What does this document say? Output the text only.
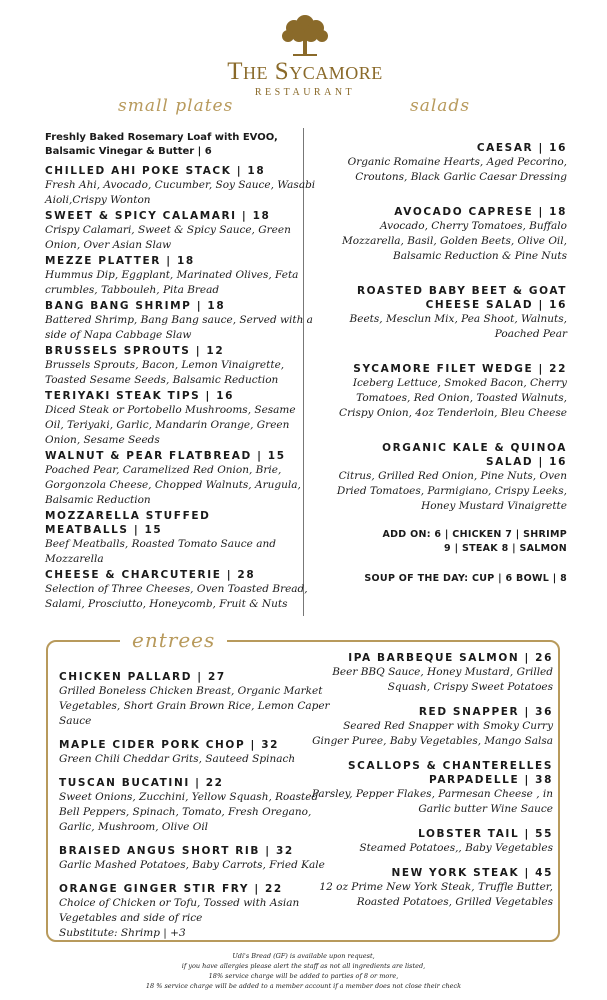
The Sycamore
RESTAURANT
small plates	salads

Freshly Baked Rosemary Loaf with EVOO, Balsamic Vinegar & Butter | 6

CHILLED AHI POKE STACK | 18

Fresh Ahi, Avocado, Cucumber, Soy Sauce, Wasabi Aioli,Crispy Wonton

SWEET & SPICY CALAMARI | 18

Crispy Calamari, Sweet & Spicy Sauce, Green Onion, Over Asian Slaw

MEZZE PLATTER | 18

Hummus Dip, Eggplant, Marinated Olives, Feta crumbles, Tabbouleh, Pita Bread

BANG BANG SHRIMP | 18

Battered Shrimp, Bang Bang sauce, Served with a side of Napa Cabbage Slaw

BRUSSELS SPROUTS | 12

Brussels Sprouts, Bacon, Lemon Vinaigrette, Toasted Sesame Seeds, Balsamic Reduction

TERIYAKI STEAK TIPS | 16

Diced Steak or Portobello Mushrooms, Sesame Oil, Teriyaki, Garlic, Mandarin Orange, Green Onion, Sesame Seeds

WALNUT & PEAR FLATBREAD | 15

Poached Pear, Caramelized Red Onion, Brie, Gorgonzola Cheese, Chopped Walnuts, Arugula, Balsamic Reduction

MOZZARELLA STUFFED MEATBALLS | 15

Beef Meatballs, Roasted Tomato Sauce and Mozzarella

CHEESE & CHARCUTERIE | 28

Selection of Three Cheeses, Oven Toasted Bread, Salami, Prosciutto, Honeycomb, Fruit & Nuts

CAESAR | 16

Organic Romaine Hearts, Aged Pecorino, Croutons, Black Garlic Caesar Dressing

AVOCADO CAPRESE | 18

Avocado, Cherry Tomatoes, Buffalo Mozzarella, Basil, Golden Beets, Olive Oil, Balsamic Reduction & Pine Nuts

ROASTED BABY BEET & GOAT CHEESE SALAD | 16

Beets, Mesclun Mix, Pea Shoot, Walnuts, Poached Pear

SYCAMORE FILET WEDGE | 22

Iceberg Lettuce, Smoked Bacon, Cherry Tomatoes, Red Onion, Toasted Walnuts, Crispy Onion, 4oz Tenderloin, Bleu Cheese

ORGANIC KALE & QUINOA SALAD | 16

Citrus, Grilled Red Onion, Pine Nuts, Oven Dried Tomatoes, Parmigiano, Crispy Leeks, Honey Mustard Vinaigrette

ADD ON: 6 | CHICKEN 7 | SHRIMP

9 | STEAK 8 | SALMON

SOUP OF THE DAY: CUP | 6 BOWL | 8

entrees

CHICKEN PALLARD | 27

Grilled Boneless Chicken Breast, Organic Market Vegetables, Short Grain Brown Rice, Lemon Caper Sauce

MAPLE CIDER PORK CHOP | 32

Green Chili Cheddar Grits, Sauteed Spinach

TUSCAN BUCATINI | 22

Sweet Onions, Zucchini, Yellow Squash, Roasted Bell Peppers, Spinach, Tomato, Fresh Oregano, Garlic, Mushroom, Olive Oil

BRAISED ANGUS SHORT RIB | 32

Garlic Mashed Potatoes, Baby Carrots, Fried Kale

ORANGE GINGER STIR FRY | 22

Choice of Chicken or Tofu, Tossed with Asian Vegetables and side of rice

Substitute: Shrimp | +3

IPA BARBEQUE SALMON | 26

Beer BBQ Sauce, Honey Mustard, Grilled Squash, Crispy Sweet Potatoes

RED SNAPPER | 36

Seared Red Snapper with Smoky Curry Ginger Puree, Baby Vegetables, Mango Salsa

SCALLOPS & CHANTERELLES PARPADELLE | 38

Parsley, Pepper Flakes, Parmesan Cheese , in Garlic butter Wine Sauce

LOBSTER TAIL | 55

Steamed Potatoes,, Baby Vegetables

NEW YORK STEAK | 45

12 oz Prime New York Steak, Truffle Butter, Roasted Potatoes, Grilled Vegetables

Udi's Bread (GF) is available upon request,

if you have allergies please alert the staff as not all ingredients are listed,

18% service charge will be added to parties of 8 or more,

18 % service charge will be added to a member account if a member does not close their check
